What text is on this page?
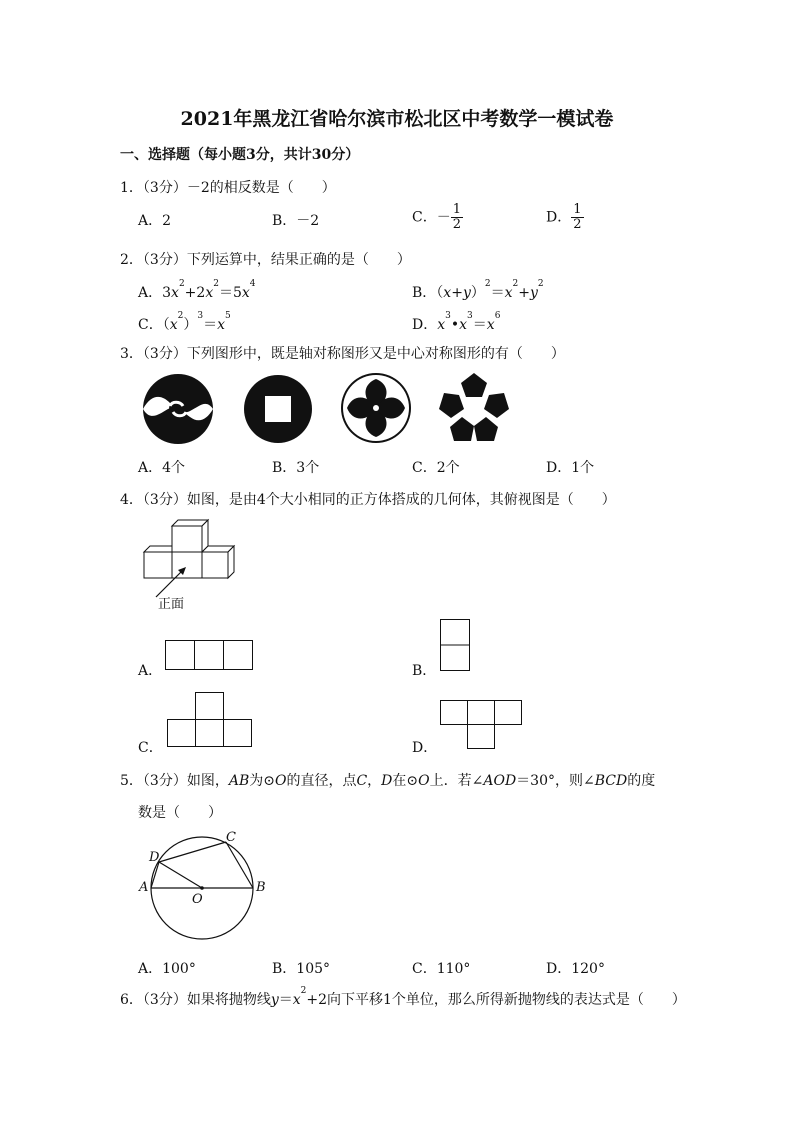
2021年黑龙江省哈尔滨市松北区中考数学一模试卷
一、选择题（每小题3分，共计30分）
1．（3分）－2的相反数是（　　）
A．2	B．－2	C．－ $\frac{1}{2}$	D． $\frac{1}{2}$
2．（3分）下列运算中，结果正确的是（　　）
A．$3x^2+2x^2=5x^4$
B．$(x+y)^2=x^2+y^2$
C．$(x^2)^3=x^5$
D．$x^3•x^3=x^6$
3．（3分）下列图形中，既是轴对称图形又是中心对称图形的有（　　）
A．4个	B．3个	C．2个	D．1个
4．（3分）如图，是由4个大小相同的正方体搭成的几何体，其俯视图是（　　）
正面
A．	B．
C．	D．
5．（3分）如图，AB为⊙O的直径，点C，D在⊙O上．若∠AOD＝30°，则∠BCD的度
数是（　　）
A	B
C
D
O
A．100°	B．105°	C．110°	D．120°
6．（3分）如果将抛物线$y=x^2+2$向下平移1个单位，那么所得新抛物线的表达式是（　　）
